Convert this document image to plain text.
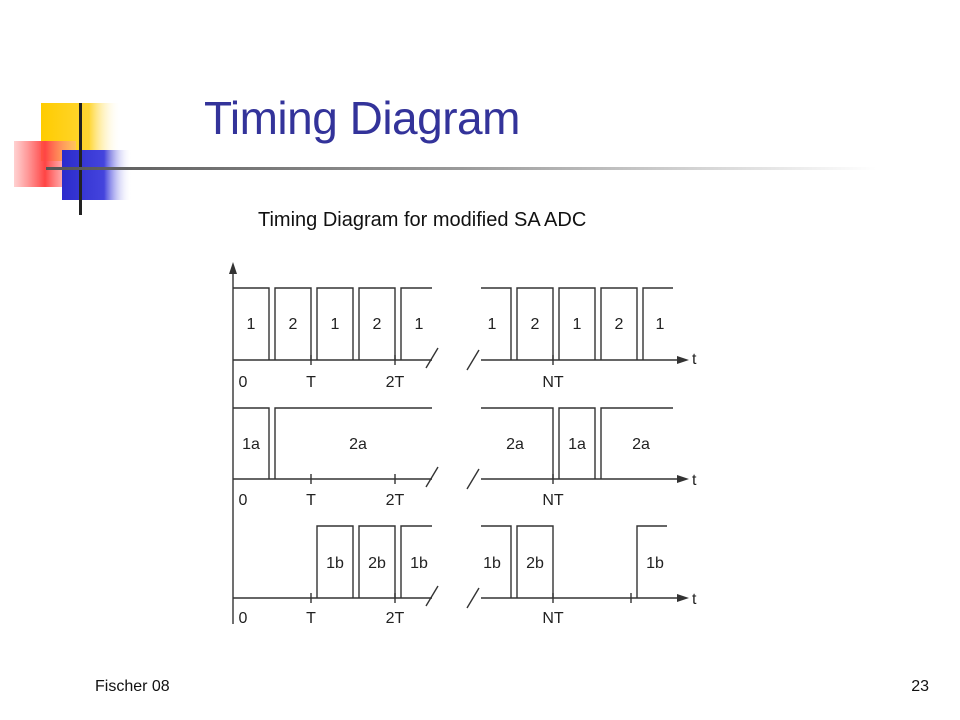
Timing Diagram
Timing Diagram for modified SA ADC
1 2 1 2 1	1 2 1 2 1
t
0	T	2T	NT
1a	2a	2a	1a	2a
t
0	T	2T	NT
1b 2b 1b	1b 2b	1b
t
0	T	2T	NT
Fischer 08	23
